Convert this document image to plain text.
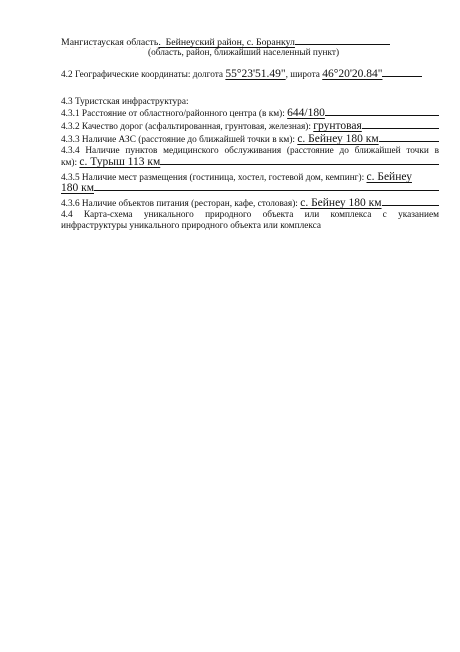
Мангистауская область.  Бейнеуский район, с. Боранкул
(область, район, ближайший населенный пункт)
4.2 Географические координаты: долгота 55°23'51.49", широта 46°20'20.84"
4.3 Туристская инфраструктура:
4.3.1 Расстояние от областного/районного центра (в км): 644/180
4.3.2 Качество дорог (асфальтированная, грунтовая, железная): грунтовая
4.3.3 Наличие АЗС (расстояние до ближайшей точки в км): с. Бейнеу 180 км
4.3.4 Наличие пунктов медицинского обслуживания (расстояние до ближайшей точки в
км): с. Турыш 113 км
4.3.5 Наличие мест размещения (гостиница, хостел, гостевой дом, кемпинг): с. Бейнеу
180 км
4.3.6 Наличие объектов питания (ресторан, кафе, столовая): с. Бейнеу 180 км
4.4 Карта-схема уникального природного объекта или комплекса с указанием
инфраструктуры уникального природного объекта или комплекса
